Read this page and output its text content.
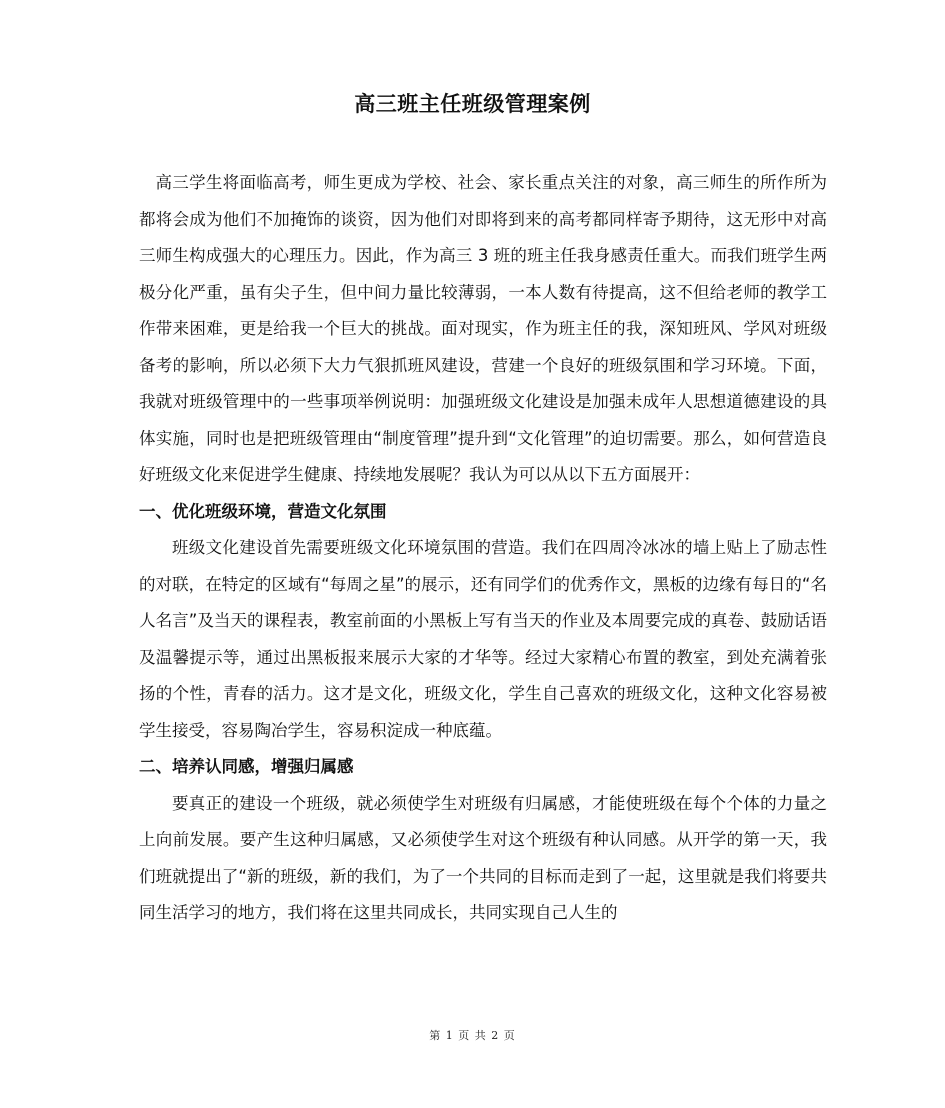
高三班主任班级管理案例

高三学生将面临高考，师生更成为学校、社会、家长重点关注的对象，高三师生的所作所为都将会成为他们不加掩饰的谈资，因为他们对即将到来的高考都同样寄予期待，这无形中对高三师生构成强大的心理压力。因此，作为高三 3 班的班主任我身感责任重大。而我们班学生两极分化严重，虽有尖子生，但中间力量比较薄弱，一本人数有待提高，这不但给老师的教学工作带来困难，更是给我一个巨大的挑战。面对现实，作为班主任的我，深知班风、学风对班级备考的影响，所以必须下大力气狠抓班风建设，营建一个良好的班级氛围和学习环境。下面，我就对班级管理中的一些事项举例说明：加强班级文化建设是加强未成年人思想道德建设的具体实施，同时也是把班级管理由“制度管理”提升到“文化管理”的迫切需要。那么，如何营造良好班级文化来促进学生健康、持续地发展呢？我认为可以从以下五方面展开：

一、优化班级环境，营造文化氛围

班级文化建设首先需要班级文化环境氛围的营造。我们在四周冷冰冰的墙上贴上了励志性的对联，在特定的区域有“每周之星”的展示，还有同学们的优秀作文，黑板的边缘有每日的“名人名言”及当天的课程表，教室前面的小黑板上写有当天的作业及本周要完成的真卷、鼓励话语及温馨提示等，通过出黑板报来展示大家的才华等。经过大家精心布置的教室，到处充满着张扬的个性，青春的活力。这才是文化，班级文化，学生自己喜欢的班级文化，这种文化容易被学生接受，容易陶冶学生，容易积淀成一种底蕴。

二、培养认同感，增强归属感

要真正的建设一个班级，就必须使学生对班级有归属感，才能使班级在每个个体的力量之上向前发展。要产生这种归属感，又必须使学生对这个班级有种认同感。从开学的第一天，我们班就提出了“新的班级，新的我们，为了一个共同的目标而走到了一起，这里就是我们将要共同生活学习的地方，我们将在这里共同成长，共同实现自己人生的

第 1 页 共 2 页
